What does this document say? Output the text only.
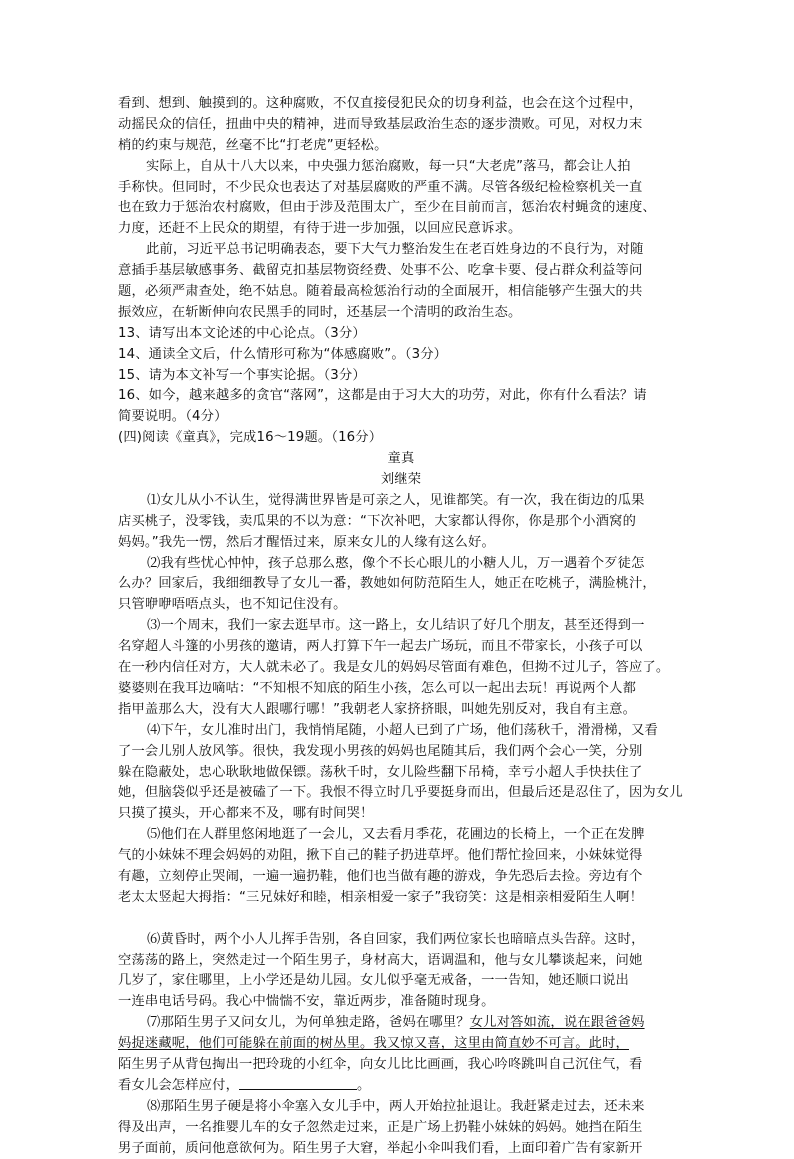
看到、想到、触摸到的。这种腐败，不仅直接侵犯民众的切身利益，也会在这个过程中，
动摇民众的信任，扭曲中央的精神，进而导致基层政治生态的逐步溃败。可见，对权力末
梢的约束与规范，丝毫不比“打老虎”更轻松。
实际上，自从十八大以来，中央强力惩治腐败，每一只“大老虎”落马，都会让人拍
手称快。但同时，不少民众也表达了对基层腐败的严重不满。尽管各级纪检检察机关一直
也在致力于惩治农村腐败，但由于涉及范围太广，至少在目前而言，惩治农村蝇贪的速度、
力度，还赶不上民众的期望，有待于进一步加强，以回应民意诉求。
此前，习近平总书记明确表态，要下大气力整治发生在老百姓身边的不良行为，对随
意插手基层敏感事务、截留克扣基层物资经费、处事不公、吃拿卡要、侵占群众利益等问
题，必须严肃查处，绝不姑息。随着最高检惩治行动的全面展开，相信能够产生强大的共
振效应，在斩断伸向农民黑手的同时，还基层一个清明的政治生态。
13、请写出本文论述的中心论点。（3分）
14、通读全文后，什么情形可称为“体感腐败”。（3分）
15、请为本文补写一个事实论据。（3分）
16、如今，越来越多的贪官“落网”，这都是由于习大大的功劳，对此，你有什么看法？请
简要说明。（4分）
(四)阅读《童真》，完成16～19题。（16分）
童真
刘继荣
⑴女儿从小不认生，觉得满世界皆是可亲之人，见谁都笑。有一次，我在街边的瓜果
店买桃子，没零钱，卖瓜果的不以为意：“下次补吧，大家都认得你，你是那个小酒窝的
妈妈。”我先一愣，然后才醒悟过来，原来女儿的人缘有这么好。
⑵我有些忧心忡忡，孩子总那么憨，像个不长心眼儿的小糖人儿，万一遇着个歹徒怎
么办？回家后，我细细教导了女儿一番，教她如何防范陌生人，她正在吃桃子，满脸桃汁，
只管咿咿唔唔点头，也不知记住没有。
⑶一个周末，我们一家去逛早市。这一路上，女儿结识了好几个朋友，甚至还得到一
名穿超人斗篷的小男孩的邀请，两人打算下午一起去广场玩，而且不带家长，小孩子可以
在一秒内信任对方，大人就未必了。我是女儿的妈妈尽管面有难色，但拗不过儿子，答应了。
婆婆则在我耳边嘀咕：“不知根不知底的陌生小孩，怎么可以一起出去玩！再说两个人都
指甲盖那么大，没有大人跟哪行哪！”我朝老人家挤挤眼，叫她先别反对，我自有主意。
⑷下午，女儿准时出门，我悄悄尾随，小超人已到了广场，他们荡秋千，滑滑梯，又看
了一会儿别人放风筝。很快，我发现小男孩的妈妈也尾随其后，我们两个会心一笑，分别
躲在隐蔽处，忠心耿耿地做保镖。荡秋千时，女儿险些翻下吊椅，幸亏小超人手快扶住了
她，但脑袋似乎还是被磕了一下。我恨不得立时几乎要挺身而出，但最后还是忍住了，因为女儿
只摸了摸头，开心都来不及，哪有时间哭！
⑸他们在人群里悠闲地逛了一会儿，又去看月季花，花圃边的长椅上，一个正在发脾
气的小妹妹不理会妈妈的劝阻，揪下自己的鞋子扔进草坪。他们帮忙捡回来，小妹妹觉得
有趣，立刻停止哭闹，一遍一遍扔鞋，他们也当做有趣的游戏，争先恐后去捡。旁边有个
老太太竖起大拇指：“三兄妹好和睦，相亲相爱一家子”我窃笑：这是相亲相爱陌生人啊！
⑹黄昏时，两个小人儿挥手告别，各自回家，我们两位家长也暗暗点头告辞。这时，
空荡荡的路上，突然走过一个陌生男子，身材高大，语调温和，他与女儿攀谈起来，问她
几岁了，家住哪里，上小学还是幼儿园。女儿似乎毫无戒备，一一告知，她还顺口说出
一连串电话号码。我心中惴惴不安，靠近两步，准备随时现身。
⑺那陌生男子又问女儿，为何单独走路，爸妈在哪里？女儿对答如流，说在跟爸爸妈
妈捉迷藏呢，他们可能躲在前面的树丛里。我又惊又喜，这里由简直妙不可言。此时，
陌生男子从背包掏出一把玲珑的小红伞，向女儿比比画画，我心吟咚跳叫自己沉住气，看
看女儿会怎样应付，	。
⑻那陌生男子硬是将小伞塞入女儿手中，两人开始拉扯退让。我赶紧走过去，还未来
得及出声，一名推婴儿车的女子忽然走过来，正是广场上扔鞋小妹妹的妈妈。她挡在陌生
男子面前，质问他意欲何为。陌生男子大窘，举起小伞叫我们看，上面印着广告有家新开
